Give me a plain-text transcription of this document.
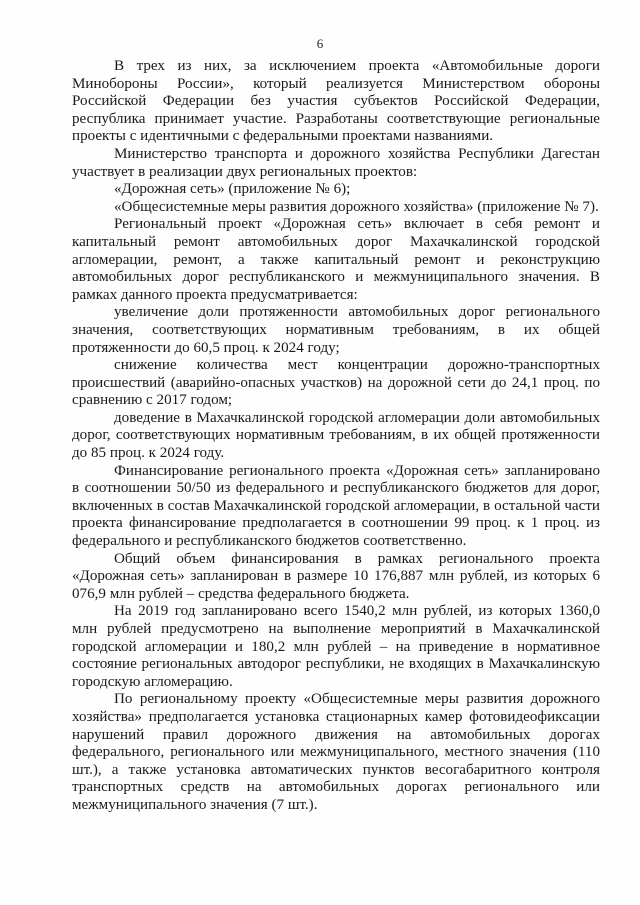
6

В трех из них, за исключением проекта «Автомобильные дороги Минобороны России», который реализуется Министерством обороны Российской Федерации без участия субъектов Российской Федерации, республика принимает участие. Разработаны соответствующие региональные проекты с идентичными с федеральными проектами названиями.

Министерство транспорта и дорожного хозяйства Республики Дагестан участвует в реализации двух региональных проектов:

«Дорожная сеть» (приложение № 6);

«Общесистемные меры развития дорожного хозяйства» (приложение № 7).

Региональный проект «Дорожная сеть» включает в себя ремонт и капитальный ремонт автомобильных дорог Махачкалинской городской агломерации, ремонт, а также капитальный ремонт и реконструкцию автомобильных дорог республиканского и межмуниципального значения. В рамках данного проекта предусматривается:

увеличение доли протяженности автомобильных дорог регионального значения, соответствующих нормативным требованиям, в их общей протяженности до 60,5 проц. к 2024 году;

снижение количества мест концентрации дорожно-транспортных происшествий (аварийно-опасных участков) на дорожной сети до 24,1 проц. по сравнению с 2017 годом;

доведение в Махачкалинской городской агломерации доли автомобильных дорог, соответствующих нормативным требованиям, в их общей протяженности до 85 проц. к 2024 году.

Финансирование регионального проекта «Дорожная сеть» запланировано в соотношении 50/50 из федерального и республиканского бюджетов для дорог, включенных в состав Махачкалинской городской агломерации, в остальной части проекта финансирование предполагается в соотношении 99 проц. к 1 проц. из федерального и республиканского бюджетов соответственно.

Общий объем финансирования в рамках регионального проекта «Дорожная сеть» запланирован в размере 10 176,887 млн рублей, из которых 6 076,9 млн рублей – средства федерального бюджета.

На 2019 год запланировано всего 1540,2 млн рублей, из которых 1360,0 млн рублей предусмотрено на выполнение мероприятий в Махачкалинской городской агломерации и 180,2 млн рублей – на приведение в нормативное состояние региональных автодорог республики, не входящих в Махачкалинскую городскую агломерацию.

По региональному проекту «Общесистемные меры развития дорожного хозяйства» предполагается установка стационарных камер фотовидеофиксации нарушений правил дорожного движения на автомобильных дорогах федерального, регионального или межмуниципального, местного значения (110 шт.), а также установка автоматических пунктов весогабаритного контроля транспортных средств на автомобильных дорогах регионального или межмуниципального значения (7 шт.).
